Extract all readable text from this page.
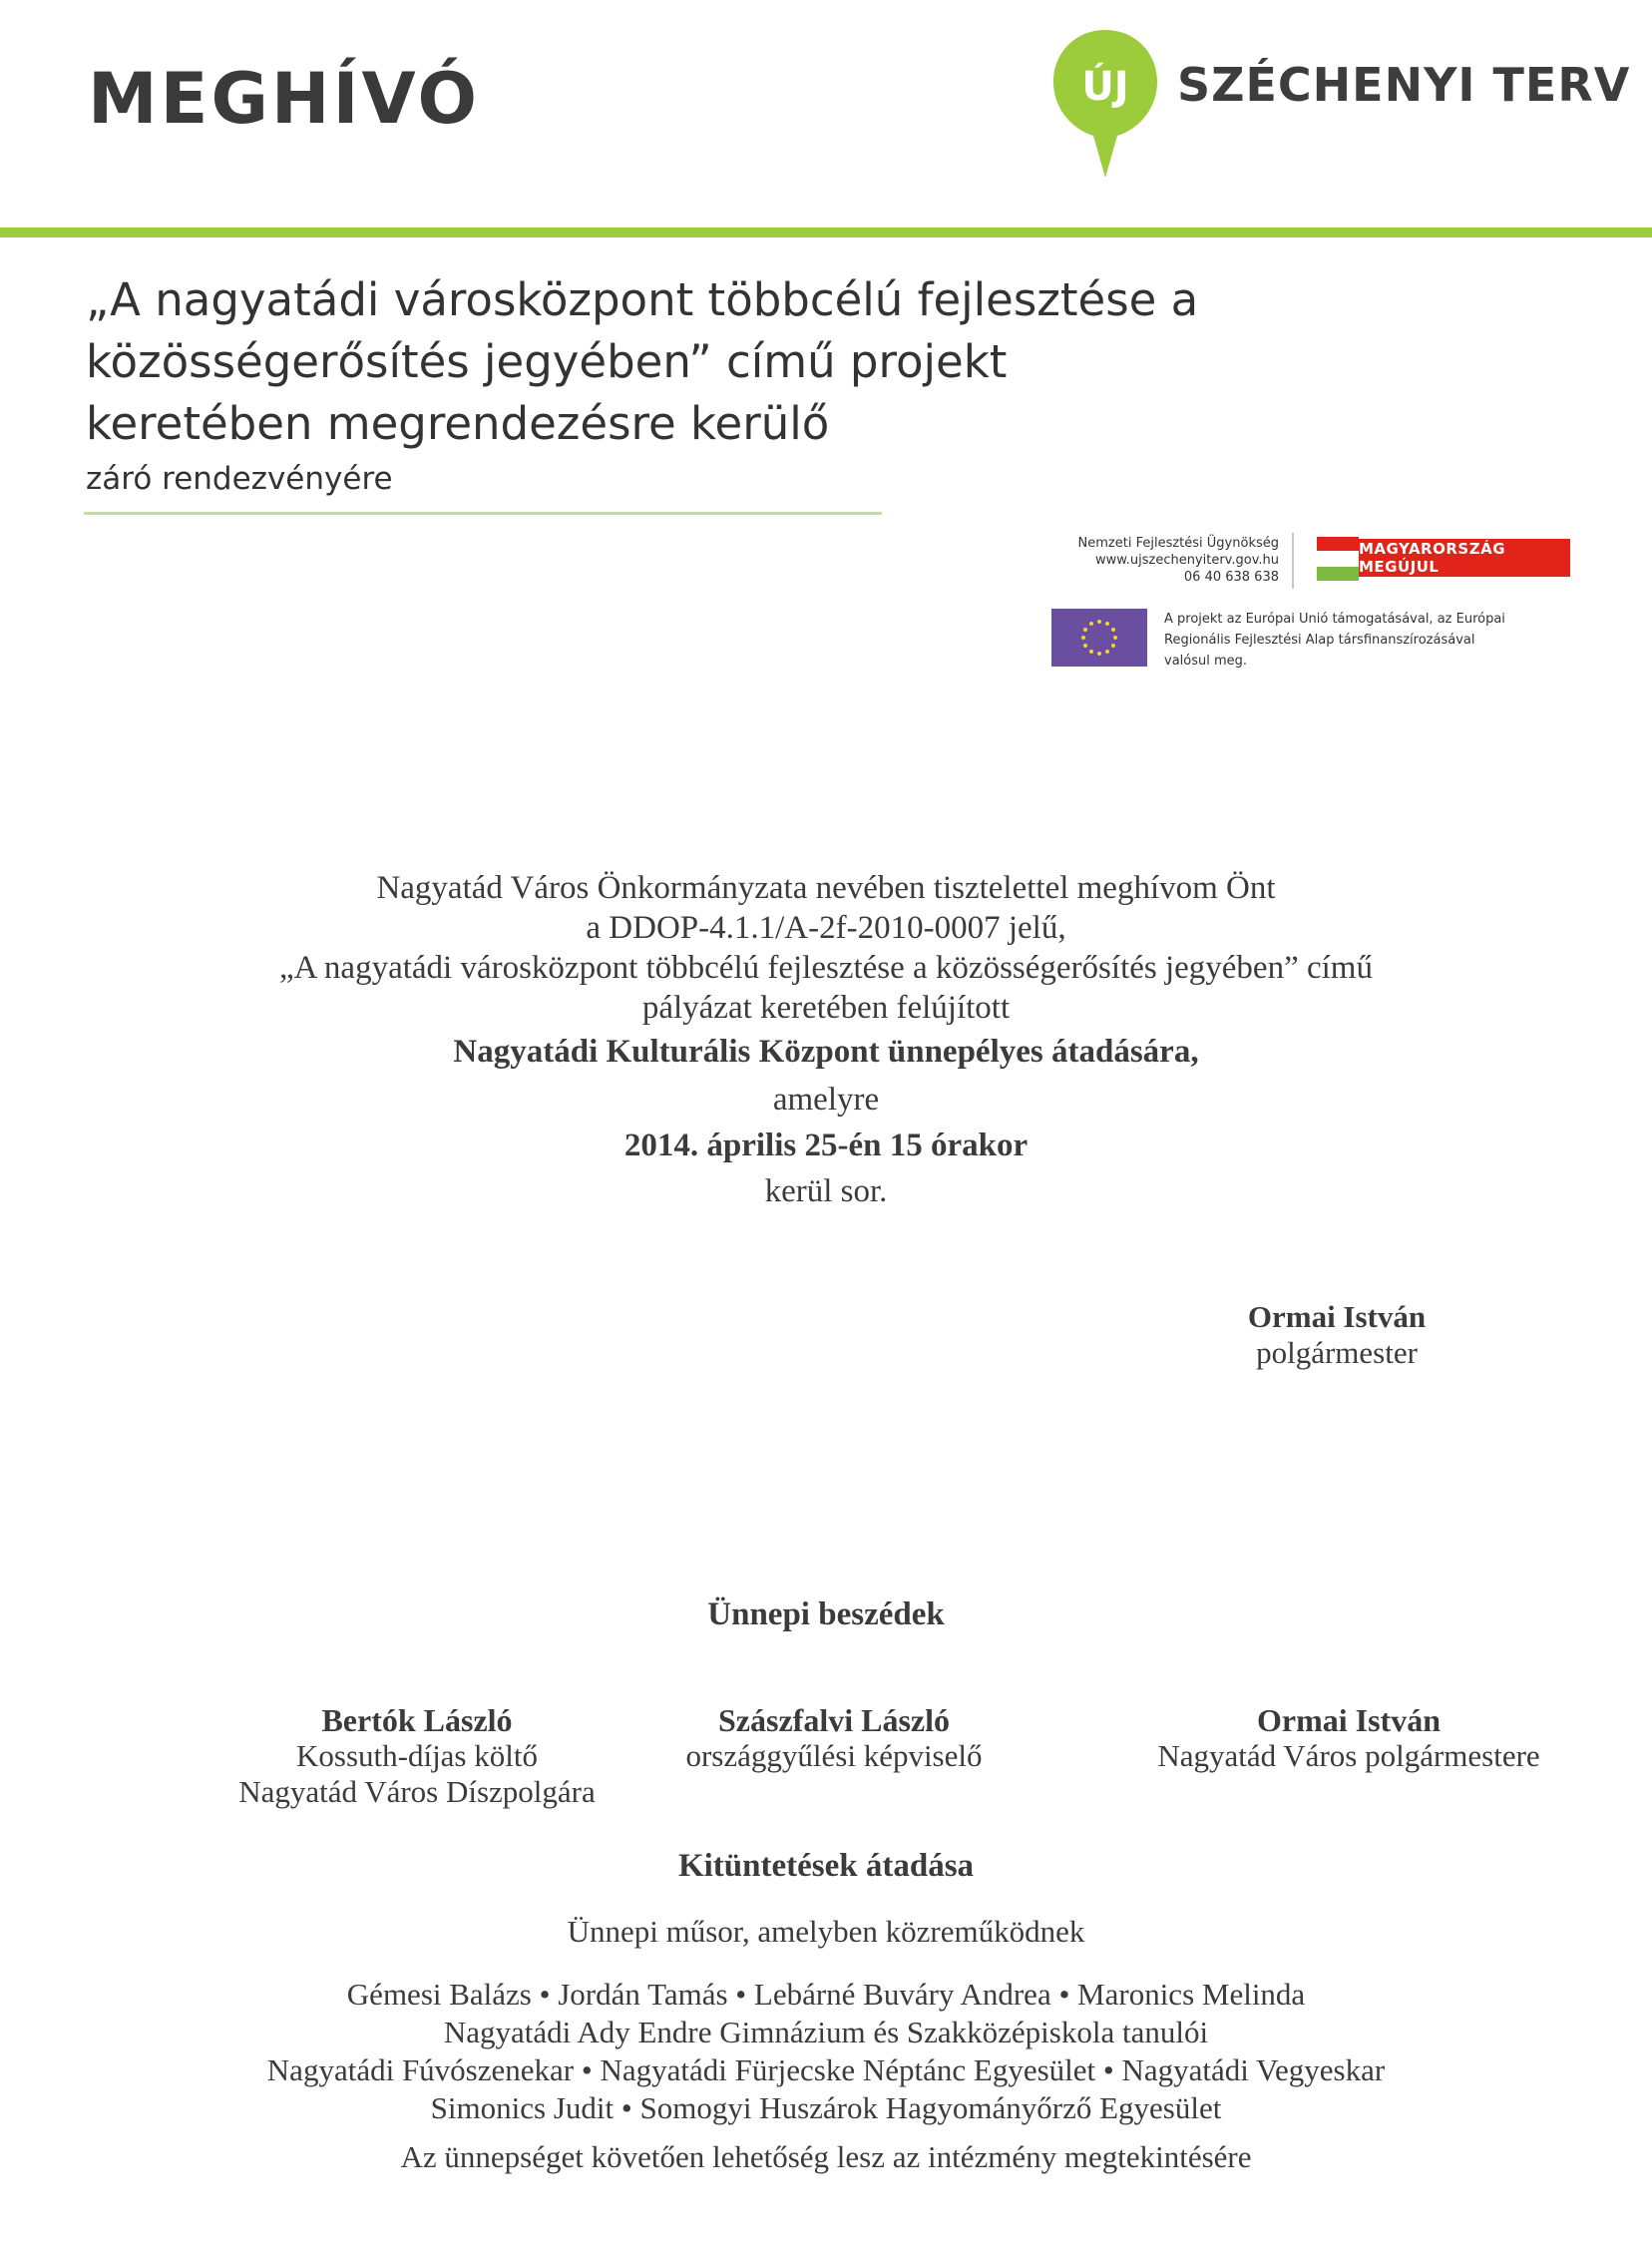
MEGHÍVÓ	ÚJ SZÉCHENYI TERV
„A nagyatádi városközpont többcélú fejlesztése a
közösségerősítés jegyében” című projekt
keretében megrendezésre kerülő
záró rendezvényére
Nemzeti Fejlesztési Ügynökség
www.ujszechenyiterv.gov.hu
06 40 638 638
MAGYARORSZÁG MEGÚJUL
A projekt az Európai Unió támogatásával, az Európai
Regionális Fejlesztési Alap társfinanszírozásával
valósul meg.
Nagyatád Város Önkormányzata nevében tisztelettel meghívom Önt
a DDOP-4.1.1/A-2f-2010-0007 jelű,
„A nagyatádi városközpont többcélú fejlesztése a közösségerősítés jegyében” című
pályázat keretében felújított
Nagyatádi Kulturális Központ ünnepélyes átadására,
amelyre
2014. április 25-én 15 órakor
kerül sor.
Ormai István
polgármester
Ünnepi beszédek
Bertók László
Kossuth-díjas költő
Nagyatád Város Díszpolgára
Szászfalvi László
országgyűlési képviselő
Ormai István
Nagyatád Város polgármestere
Kitüntetések átadása
Ünnepi műsor, amelyben közreműködnek
Gémesi Balázs • Jordán Tamás • Lebárné Buváry Andrea • Maronics Melinda
Nagyatádi Ady Endre Gimnázium és Szakközépiskola tanulói
Nagyatádi Fúvószenekar • Nagyatádi Fürjecske Néptánc Egyesület • Nagyatádi Vegyeskar
Simonics Judit • Somogyi Huszárok Hagyományőrző Egyesület
Az ünnepséget követően lehetőség lesz az intézmény megtekintésére
